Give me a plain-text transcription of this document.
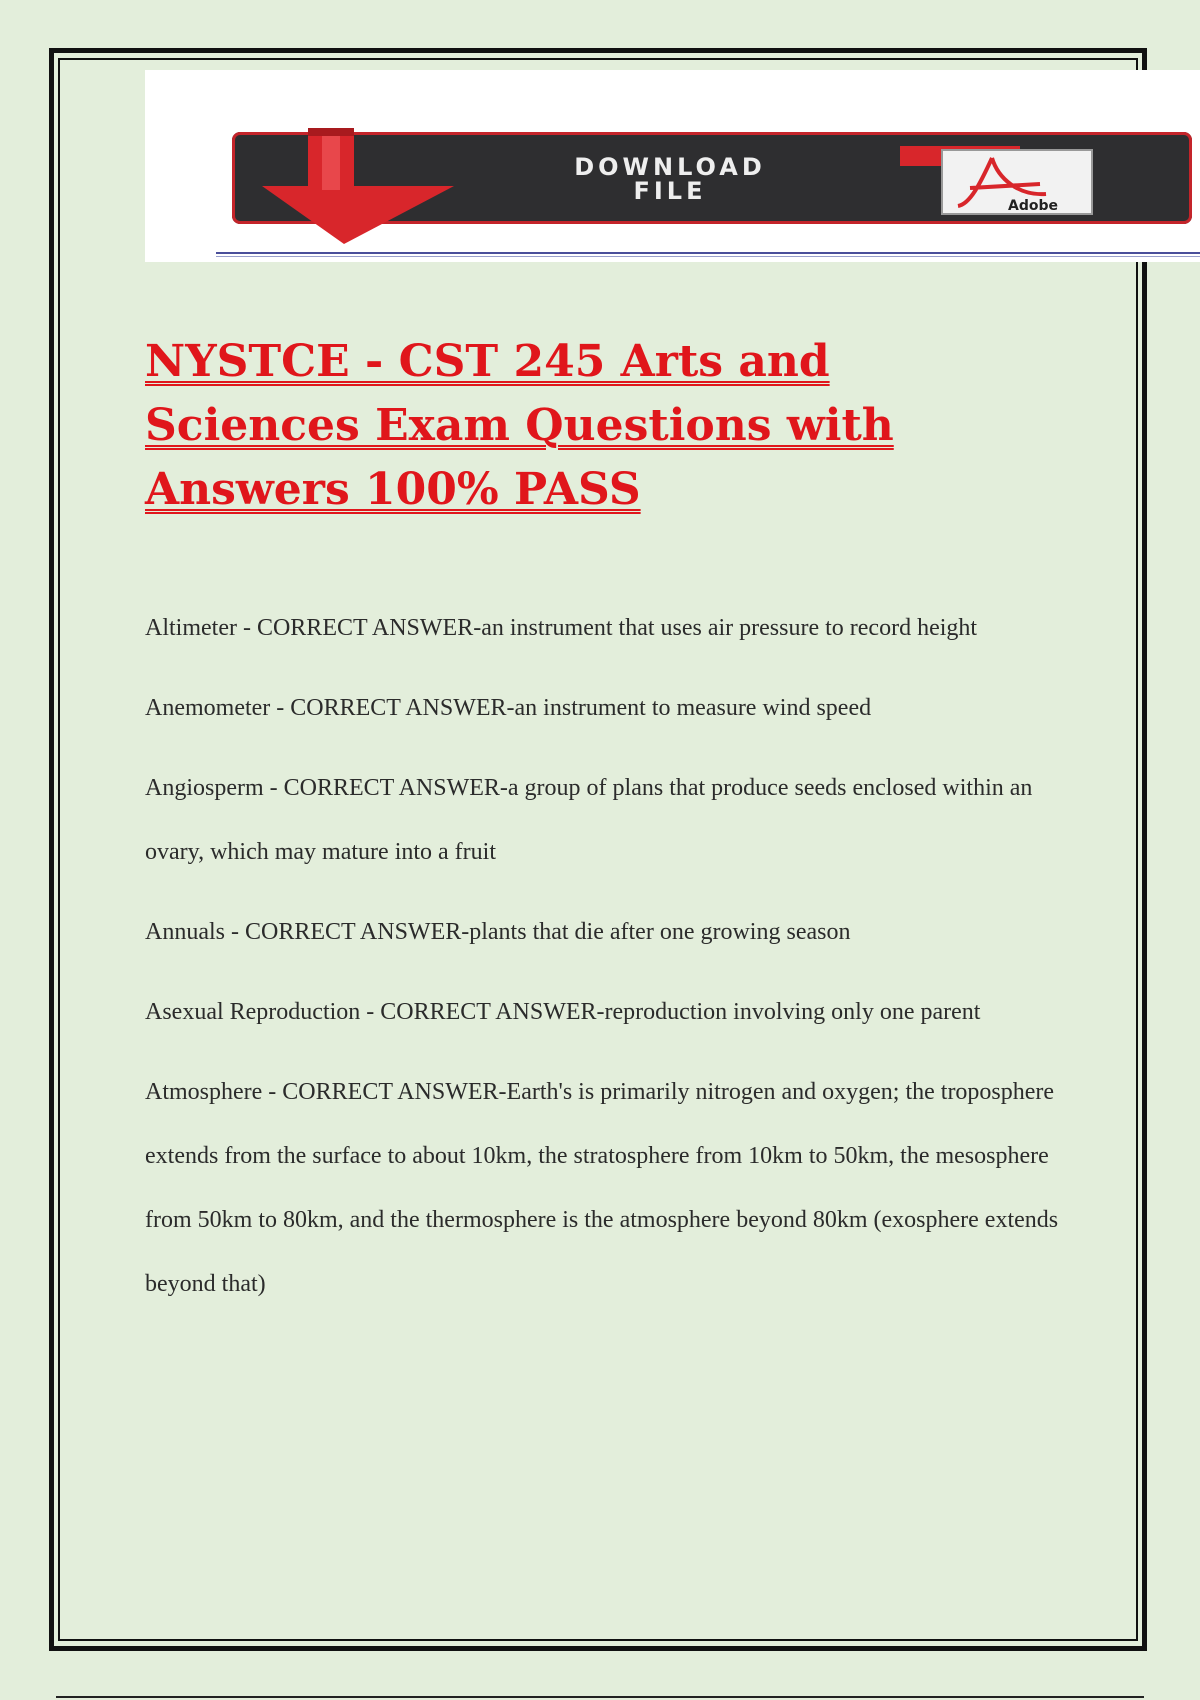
DOWNLOAD
FILE
Adobe
NYSTCE - CST 245 Arts and Sciences Exam Questions with Answers 100% PASS

Altimeter - CORRECT ANSWER-an instrument that uses air pressure to record height

Anemometer - CORRECT ANSWER-an instrument to measure wind speed

Angiosperm - CORRECT ANSWER-a group of plans that produce seeds enclosed within an ovary, which may mature into a fruit

Annuals - CORRECT ANSWER-plants that die after one growing season

Asexual Reproduction - CORRECT ANSWER-reproduction involving only one parent

Atmosphere - CORRECT ANSWER-Earth's is primarily nitrogen and oxygen; the troposphere extends from the surface to about 10km, the stratosphere from 10km to 50km, the mesosphere from 50km to 80km, and the thermosphere is the atmosphere beyond 80km (exosphere extends beyond that)
